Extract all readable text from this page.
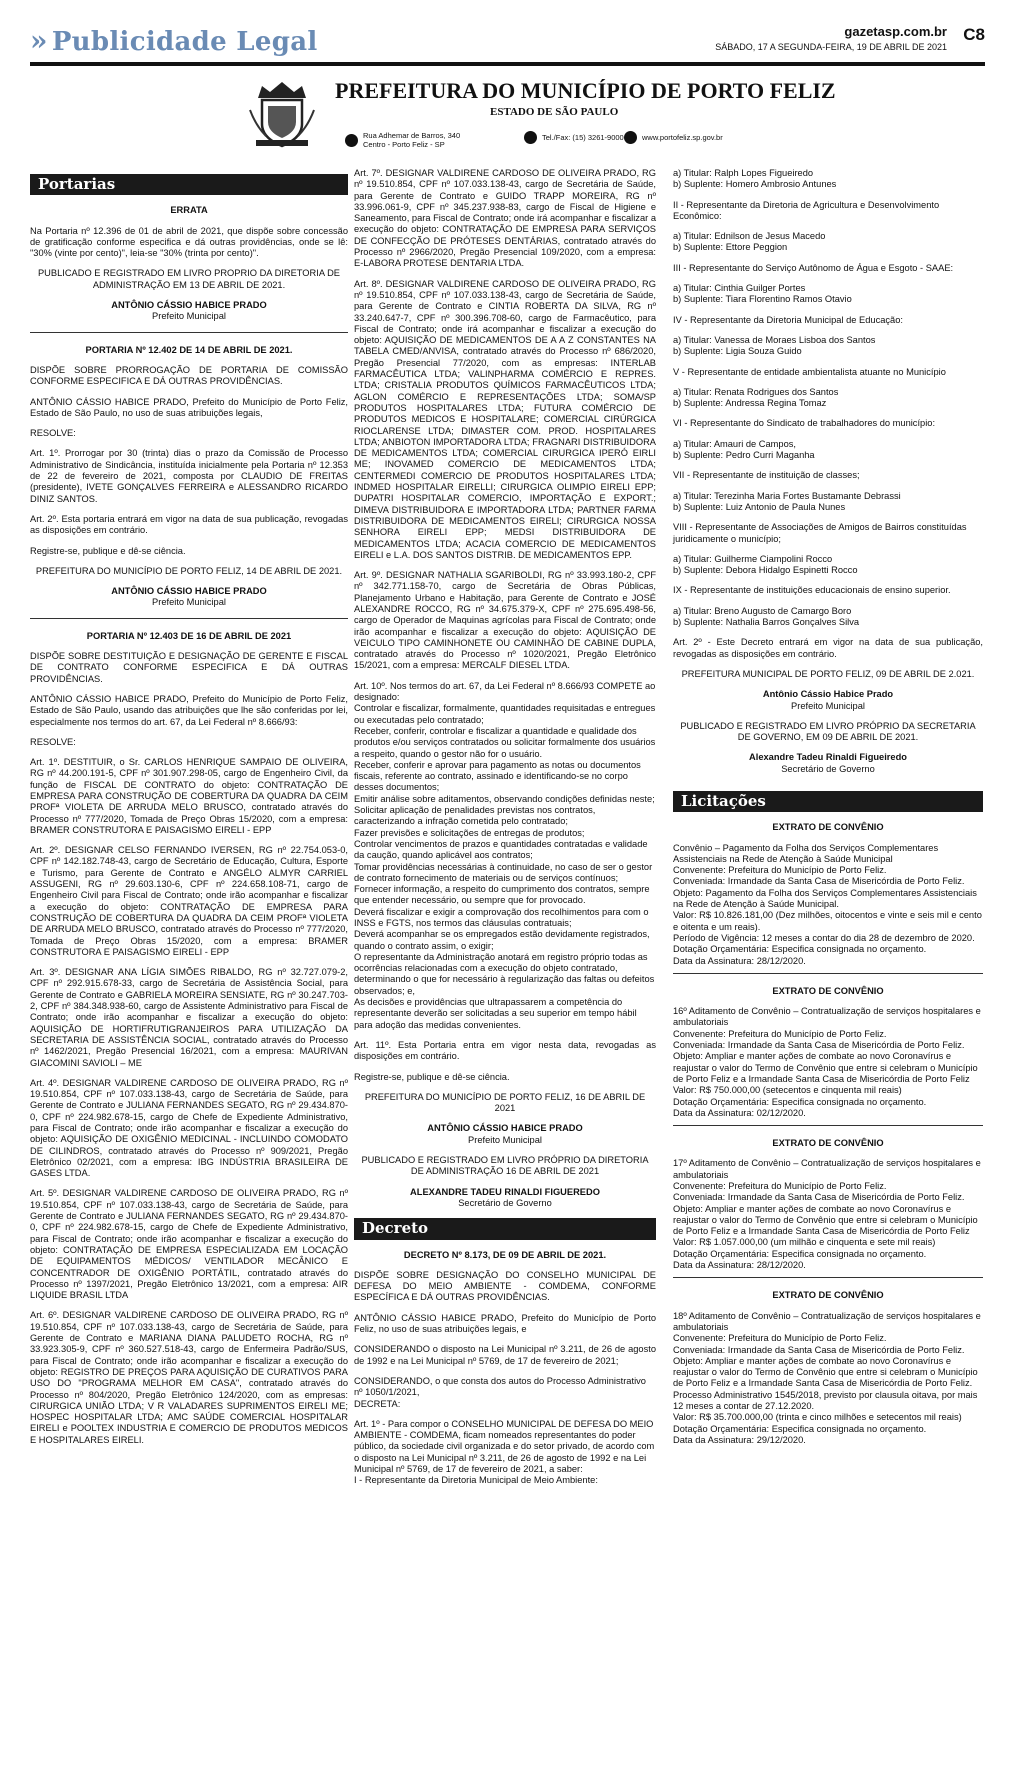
» Publicidade Legal	gazetasp.com.br
SÁBADO, 17 A SEGUNDA-FEIRA, 19 DE ABRIL DE 2021
C8
PREFEITURA DO MUNICÍPIO DE PORTO FELIZ
ESTADO DE SÃO PAULO
Rua Adhemar de Barros, 340
Centro - Porto Feliz - SP
Tel./Fax: (15) 3261-9000 www.portofeliz.sp.gov.br
Portarias

ERRATA

Na Portaria nº 12.396 de 01 de abril de 2021, que dispõe sobre concessão de gratificação conforme especifica e dá outras providências, onde se lê: "30% (vinte por cento)", leia-se "30% (trinta por cento)".

PUBLICADO E REGISTRADO EM LIVRO PROPRIO DA DIRETORIA DE ADMINISTRAÇÃO EM 13 DE ABRIL DE 2021.

ANTÔNIO CÁSSIO HABICE PRADO

Prefeito Municipal

PORTARIA Nº 12.402 DE 14 DE ABRIL DE 2021.

DISPÕE SOBRE PRORROGAÇÃO DE PORTARIA DE COMISSÃO CONFORME ESPECIFICA E DÁ OUTRAS PROVIDÊNCIAS.

ANTÔNIO CÁSSIO HABICE PRADO, Prefeito do Município de Porto Feliz, Estado de São Paulo, no uso de suas atribuições legais,

RESOLVE:

Art. 1º. Prorrogar por 30 (trinta) dias o prazo da Comissão de Processo Administrativo de Sindicância, instituída inicialmente pela Portaria nº 12.353 de 22 de fevereiro de 2021, composta por CLAUDIO DE FREITAS (presidente), IVETE GONÇALVES FERREIRA e ALESSANDRO RICARDO DINIZ SANTOS.

Art. 2º. Esta portaria entrará em vigor na data de sua publicação, revogadas as disposições em contrário.

Registre-se, publique e dê-se ciência.

PREFEITURA DO MUNICÍPIO DE PORTO FELIZ, 14 DE ABRIL DE 2021.

ANTÔNIO CÁSSIO HABICE PRADO

Prefeito Municipal

PORTARIA Nº 12.403 DE 16 DE ABRIL DE 2021

DISPÕE SOBRE DESTITUIÇÃO E DESIGNAÇÃO DE GERENTE E FISCAL DE CONTRATO CONFORME ESPECIFICA E DÁ OUTRAS PROVIDÊNCIAS.

ANTÔNIO CÁSSIO HABICE PRADO, Prefeito do Município de Porto Feliz, Estado de São Paulo, usando das atribuições que lhe são conferidas por lei, especialmente nos termos do art. 67, da Lei Federal nº 8.666/93:

RESOLVE:

Art. 1º. DESTITUIR, o Sr. CARLOS HENRIQUE SAMPAIO DE OLIVEIRA, RG nº 44.200.191-5, CPF nº 301.907.298-05, cargo de Engenheiro Civil, da função de FISCAL DE CONTRATO do objeto: CONTRATAÇÃO DE EMPRESA PARA CONSTRUÇÃO DE COBERTURA DA QUADRA DA CEIM PROFª VIOLETA DE ARRUDA MELO BRUSCO, contratado através do Processo nº 777/2020, Tomada de Preço Obras 15/2020, com a empresa: BRAMER CONSTRUTORA E PAISAGISMO EIRELI - EPP

Art. 2º. DESIGNAR CELSO FERNANDO IVERSEN, RG nº 22.754.053-0, CPF nº 142.182.748-43, cargo de Secretário de Educação, Cultura, Esporte e Turismo, para Gerente de Contrato e ANGÉLO ALMYR CARRIEL ASSUGENI, RG nº 29.603.130-6, CPF nº 224.658.108-71, cargo de Engenheiro Civil para Fiscal de Contrato; onde irão acompanhar e fiscalizar a execução do objeto: CONTRATAÇÃO DE EMPRESA PARA CONSTRUÇÃO DE COBERTURA DA QUADRA DA CEIM PROFª VIOLETA DE ARRUDA MELO BRUSCO, contratado através do Processo nº 777/2020, Tomada de Preço Obras 15/2020, com a empresa: BRAMER CONSTRUTORA E PAISAGISMO EIRELI - EPP

Art. 3º. DESIGNAR ANA LÍGIA SIMÕES RIBALDO, RG nº 32.727.079-2, CPF nº 292.915.678-33, cargo de Secretária de Assistência Social, para Gerente de Contrato e GABRIELA MOREIRA SENSIATE, RG nº 30.247.703-2, CPF nº 384.348.938-60, cargo de Assistente Administrativo para Fiscal de Contrato; onde irão acompanhar e fiscalizar a execução do objeto: AQUISIÇÃO DE HORTIFRUTIGRANJEIROS PARA UTILIZAÇÃO DA SECRETARIA DE ASSISTÊNCIA SOCIAL, contratado através do Processo nº 1462/2021, Pregão Presencial 16/2021, com a empresa: MAURIVAN GIACOMINI SAVIOLI – ME

Art. 4º. DESIGNAR VALDIRENE CARDOSO DE OLIVEIRA PRADO, RG nº 19.510.854, CPF nº 107.033.138-43, cargo de Secretária de Saúde, para Gerente de Contrato e JULIANA FERNANDES SEGATO, RG nº 29.434.870-0, CPF nº 224.982.678-15, cargo de Chefe de Expediente Administrativo, para Fiscal de Contrato; onde irão acompanhar e fiscalizar a execução do objeto: AQUISIÇÃO DE OXIGÊNIO MEDICINAL - INCLUINDO COMODATO DE CILINDROS, contratado através do Processo nº 909/2021, Pregão Eletrônico 02/2021, com a empresa: IBG INDÚSTRIA BRASILEIRA DE GASES LTDA.

Art. 5º. DESIGNAR VALDIRENE CARDOSO DE OLIVEIRA PRADO, RG nº 19.510.854, CPF nº 107.033.138-43, cargo de Secretária de Saúde, para Gerente de Contrato e JULIANA FERNANDES SEGATO, RG nº 29.434.870-0, CPF nº 224.982.678-15, cargo de Chefe de Expediente Administrativo, para Fiscal de Contrato; onde irão acompanhar e fiscalizar a execução do objeto: CONTRATAÇÃO DE EMPRESA ESPECIALIZADA EM LOCAÇÃO DE EQUIPAMENTOS MÉDICOS/ VENTILADOR MECÂNICO E CONCENTRADOR DE OXIGÊNIO PORTÁTIL, contratado através do Processo nº 1397/2021, Pregão Eletrônico 13/2021, com a empresa: AIR LIQUIDE BRASIL LTDA

Art. 6º. DESIGNAR VALDIRENE CARDOSO DE OLIVEIRA PRADO, RG nº 19.510.854, CPF nº 107.033.138-43, cargo de Secretária de Saúde, para Gerente de Contrato e MARIANA DIANA PALUDETO ROCHA, RG nº 33.923.305-9, CPF nº 360.527.518-43, cargo de Enfermeira Padrão/SUS, para Fiscal de Contrato; onde irão acompanhar e fiscalizar a execução do objeto: REGISTRO DE PREÇOS PARA AQUISIÇÃO DE CURATIVOS PARA USO DO "PROGRAMA MELHOR EM CASA", contratado através do Processo nº 804/2020, Pregão Eletrônico 124/2020, com as empresas: CIRURGICA UNIÃO LTDA; V R VALADARES SUPRIMENTOS EIRELI ME; HOSPEC HOSPITALAR LTDA; AMC SAÚDE COMERCIAL HOSPITALAR EIRELI e POOLTEX INDUSTRIA E COMERCIO DE PRODUTOS MEDICOS E HOSPITALARES EIRELI.

Art. 7º. DESIGNAR VALDIRENE CARDOSO DE OLIVEIRA PRADO, RG nº 19.510.854, CPF nº 107.033.138-43, cargo de Secretária de Saúde, para Gerente de Contrato e GUIDO TRAPP MOREIRA, RG nº 33.996.061-9, CPF nº 345.237.938-83, cargo de Fiscal de Higiene e Saneamento, para Fiscal de Contrato; onde irá acompanhar e fiscalizar a execução do objeto: CONTRATAÇÃO DE EMPRESA PARA SERVIÇOS DE CONFECÇÃO DE PRÓTESES DENTÁRIAS, contratado através do Processo nº 2966/2020, Pregão Presencial 109/2020, com a empresa: E-LABORA PROTESE DENTARIA LTDA.

Art. 8º. DESIGNAR VALDIRENE CARDOSO DE OLIVEIRA PRADO, RG nº 19.510.854, CPF nº 107.033.138-43, cargo de Secretária de Saúde, para Gerente de Contrato e CINTIA ROBERTA DA SILVA, RG nº 33.240.647-7, CPF nº 300.396.708-60, cargo de Farmacêutico, para Fiscal de Contrato; onde irá acompanhar e fiscalizar a execução do objeto: AQUISIÇÃO DE MEDICAMENTOS DE A A Z CONSTANTES NA TABELA CMED/ANVISA, contratado através do Processo nº 686/2020, Pregão Presencial 77/2020, com as empresas: INTERLAB FARMACÊUTICA LTDA; VALINPHARMA COMÉRCIO E REPRES. LTDA; CRISTALIA PRODUTOS QUÍMICOS FARMACÊUTICOS LTDA; AGLON COMÉRCIO E REPRESENTAÇÕES LTDA; SOMA/SP PRODUTOS HOSPITALARES LTDA; FUTURA COMÉRCIO DE PRODUTOS MEDICOS E HOSPITALARE; COMERCIAL CIRÚRGICA RIOCLARENSE LTDA; DIMASTER COM. PROD. HOSPITALARES LTDA; ANBIOTON IMPORTADORA LTDA; FRAGNARI DISTRIBUIDORA DE MEDICAMENTOS LTDA; COMERCIAL CIRURGICA IPERÓ EIRLI ME; INOVAMED COMERCIO DE MEDICAMENTOS LTDA; CENTERMEDI COMERCIO DE PRODUTOS HOSPITALARES LTDA; INDMED HOSPITALAR EIRELLI; CIRURGICA OLIMPIO EIRELI EPP; DUPATRI HOSPITALAR COMERCIO, IMPORTAÇÃO E EXPORT.; DIMEVA DISTRIBUIDORA E IMPORTADORA LTDA; PARTNER FARMA DISTRIBUIDORA DE MEDICAMENTOS EIRELI; CIRURGICA NOSSA SENHORA EIRELI EPP; MEDSI DISTRIBUIDORA DE MEDICAMENTOS LTDA; ACACIA COMERCIO DE MEDICAMENTOS EIRELI e L.A. DOS SANTOS DISTRIB. DE MEDICAMENTOS EPP.

Art. 9º. DESIGNAR NATHALIA SGARIBOLDI, RG nº 33.993.180-2, CPF nº 342.771.158-70, cargo de Secretária de Obras Públicas, Planejamento Urbano e Habitação, para Gerente de Contrato e JOSÉ ALEXANDRE ROCCO, RG nº 34.675.379-X, CPF nº 275.695.498-56, cargo de Operador de Maquinas agrícolas para Fiscal de Contrato; onde irão acompanhar e fiscalizar a execução do objeto: AQUISIÇÃO DE VEICULO TIPO CAMINHONETE OU CAMINHÃO DE CABINE DUPLA, contratado através do Processo nº 1020/2021, Pregão Eletrônico 15/2021, com a empresa: MERCALF DIESEL LTDA.

Art. 10º. Nos termos do art. 67, da Lei Federal nº 8.666/93 COMPETE ao designado:

Controlar e fiscalizar, formalmente, quantidades requisitadas e entregues ou executadas pelo contratado;

Receber, conferir, controlar e fiscalizar a quantidade e qualidade dos produtos e/ou serviços contratados ou solicitar formalmente dos usuários a respeito, quando o gestor não for o usuário.

Receber, conferir e aprovar para pagamento as notas ou documentos fiscais, referente ao contrato, assinado e identificando-se no corpo desses documentos;

Emitir análise sobre aditamentos, observando condições definidas neste;

Solicitar aplicação de penalidades previstas nos contratos, caracterizando a infração cometida pelo contratado;

Fazer previsões e solicitações de entregas de produtos;

Controlar vencimentos de prazos e quantidades contratadas e validade da caução, quando aplicável aos contratos;

Tomar providências necessárias à continuidade, no caso de ser o gestor de contrato fornecimento de materiais ou de serviços contínuos;

Fornecer informação, a respeito do cumprimento dos contratos, sempre que entender necessário, ou sempre que for provocado.

Deverá fiscalizar e exigir a comprovação dos recolhimentos para com o INSS e FGTS, nos termos das cláusulas contratuais;

Deverá acompanhar se os empregados estão devidamente registrados, quando o contrato assim, o exigir;

O representante da Administração anotará em registro próprio todas as ocorrências relacionadas com a execução do objeto contratado, determinando o que for necessário à regularização das faltas ou defeitos observados; e,

As decisões e providências que ultrapassarem a competência do representante deverão ser solicitadas a seu superior em tempo hábil para adoção das medidas convenientes.

Art. 11º. Esta Portaria entra em vigor nesta data, revogadas as disposições em contrário.

Registre-se, publique e dê-se ciência.

PREFEITURA DO MUNICÍPIO DE PORTO FELIZ, 16 DE ABRIL DE 2021

ANTÔNIO CÁSSIO HABICE PRADO

Prefeito Municipal

PUBLICADO E REGISTRADO EM LIVRO PRÓPRIO DA DIRETORIA DE ADMINISTRAÇÃO 16 DE ABRIL DE 2021

ALEXANDRE TADEU RINALDI FIGUEREDO

Secretário de Governo

Decreto

DECRETO Nº 8.173, DE 09 DE ABRIL DE 2021.

DISPÕE SOBRE DESIGNAÇÃO DO CONSELHO MUNICIPAL DE DEFESA DO MEIO AMBIENTE - COMDEMA, CONFORME ESPECÍFICA E DÁ OUTRAS PROVIDÊNCIAS.

ANTÔNIO CÁSSIO HABICE PRADO, Prefeito do Município de Porto Feliz, no uso de suas atribuições legais, e

CONSIDERANDO o disposto na Lei Municipal nº 3.211, de 26 de agosto de 1992 e na Lei Municipal nº 5769, de 17 de fevereiro de 2021;

CONSIDERANDO, o que consta dos autos do Processo Administrativo nº 1050/1/2021,

DECRETA:

Art. 1º - Para compor o CONSELHO MUNICIPAL DE DEFESA DO MEIO AMBIENTE - COMDEMA, ficam nomeados representantes do poder público, da sociedade civil organizada e do setor privado, de acordo com o disposto na Lei Municipal nº 3.211, de 26 de agosto de 1992 e na Lei Municipal nº 5769, de 17 de fevereiro de 2021, a saber:

I - Representante da Diretoria Municipal de Meio Ambiente:

a) Titular: Ralph Lopes Figueiredo

b) Suplente: Homero Ambrosio Antunes

II - Representante da Diretoria de Agricultura e Desenvolvimento Econômico:

a) Titular: Ednilson de Jesus Macedo

b) Suplente: Ettore Peggion

III - Representante do Serviço Autônomo de Água e Esgoto - SAAE:

a) Titular: Cinthia Guilger Portes

b) Suplente: Tiara Florentino Ramos Otavio

IV - Representante da Diretoria Municipal de Educação:

a) Titular: Vanessa de Moraes Lisboa dos Santos

b) Suplente: Ligia Souza Guido

V - Representante de entidade ambientalista atuante no Município

a) Titular: Renata Rodrigues dos Santos

b) Suplente: Andressa Regina Tomaz

VI - Representante do Sindicato de trabalhadores do município:

a) Titular: Amauri de Campos,

b) Suplente: Pedro Curri Maganha

VII - Representante de instituição de classes;

a) Titular: Terezinha Maria Fortes Bustamante Debrassi

b) Suplente: Luiz Antonio de Paula Nunes

VIII - Representante de Associações de Amigos de Bairros constituídas juridicamente o município;

a) Titular: Guilherme Ciampolini Rocco

b) Suplente: Debora Hidalgo Espinetti Rocco

IX - Representante de instituições educacionais de ensino superior.

a) Titular: Breno Augusto de Camargo Boro

b) Suplente: Nathalia Barros Gonçalves Silva

Art. 2º - Este Decreto entrará em vigor na data de sua publicação, revogadas as disposições em contrário.

PREFEITURA MUNICIPAL DE PORTO FELIZ, 09 DE ABRIL DE 2.021.

Antônio Cássio Habice Prado

Prefeito Municipal

PUBLICADO E REGISTRADO EM LIVRO PRÓPRIO DA SECRETARIA DE GOVERNO, EM 09 DE ABRIL DE 2021.

Alexandre Tadeu Rinaldi Figueiredo

Secretário de Governo

Licitações

EXTRATO DE CONVÊNIO

Convênio – Pagamento da Folha dos Serviços Complementares Assistenciais na Rede de Atenção à Saúde Municipal

Convenente: Prefeitura do Município de Porto Feliz.

Conveniada: Irmandade da Santa Casa de Misericórdia de Porto Feliz.

Objeto: Pagamento da Folha dos Serviços Complementares Assistenciais na Rede de Atenção à Saúde Municipal.

Valor: R$ 10.826.181,00 (Dez milhões, oitocentos e vinte e seis mil e cento e oitenta e um reais).

Período de Vigência: 12 meses a contar do dia 28 de dezembro de 2020.

Dotação Orçamentária: Especifica consignada no orçamento.

Data da Assinatura: 28/12/2020.

EXTRATO DE CONVÊNIO

16º Aditamento de Convênio – Contratualização de serviços hospitalares e ambulatoriais

Convenente: Prefeitura do Município de Porto Feliz.

Conveniada: Irmandade da Santa Casa de Misericórdia de Porto Feliz.

Objeto: Ampliar e manter ações de combate ao novo Coronavírus e reajustar o valor do Termo de Convênio que entre si celebram o Município de Porto Feliz e a Irmandade Santa Casa de Misericórdia de Porto Feliz

Valor: R$ 750.000,00 (setecentos e cinquenta mil reais)

Dotação Orçamentária: Especifica consignada no orçamento.

Data da Assinatura: 02/12/2020.

EXTRATO DE CONVÊNIO

17º Aditamento de Convênio – Contratualização de serviços hospitalares e ambulatoriais

Convenente: Prefeitura do Município de Porto Feliz.

Conveniada: Irmandade da Santa Casa de Misericórdia de Porto Feliz.

Objeto: Ampliar e manter ações de combate ao novo Coronavírus e reajustar o valor do Termo de Convênio que entre si celebram o Município de Porto Feliz e a Irmandade Santa Casa de Misericórdia de Porto Feliz

Valor: R$ 1.057.000,00 (um milhão e cinquenta e sete mil reais)

Dotação Orçamentária: Especifica consignada no orçamento.

Data da Assinatura: 28/12/2020.

EXTRATO DE CONVÊNIO

18º Aditamento de Convênio – Contratualização de serviços hospitalares e ambulatoriais

Convenente: Prefeitura do Município de Porto Feliz.

Conveniada: Irmandade da Santa Casa de Misericórdia de Porto Feliz.

Objeto: Ampliar e manter ações de combate ao novo Coronavírus e reajustar o valor do Termo de Convênio que entre si celebram o Município de Porto Feliz e a Irmandade Santa Casa de Misericórdia de Porto Feliz. Processo Administrativo 1545/2018, previsto por clausula oitava, por mais 12 meses a contar de 27.12.2020.

Valor: R$ 35.700.000,00 (trinta e cinco milhões e setecentos mil reais)

Dotação Orçamentária: Especifica consignada no orçamento.

Data da Assinatura: 29/12/2020.
